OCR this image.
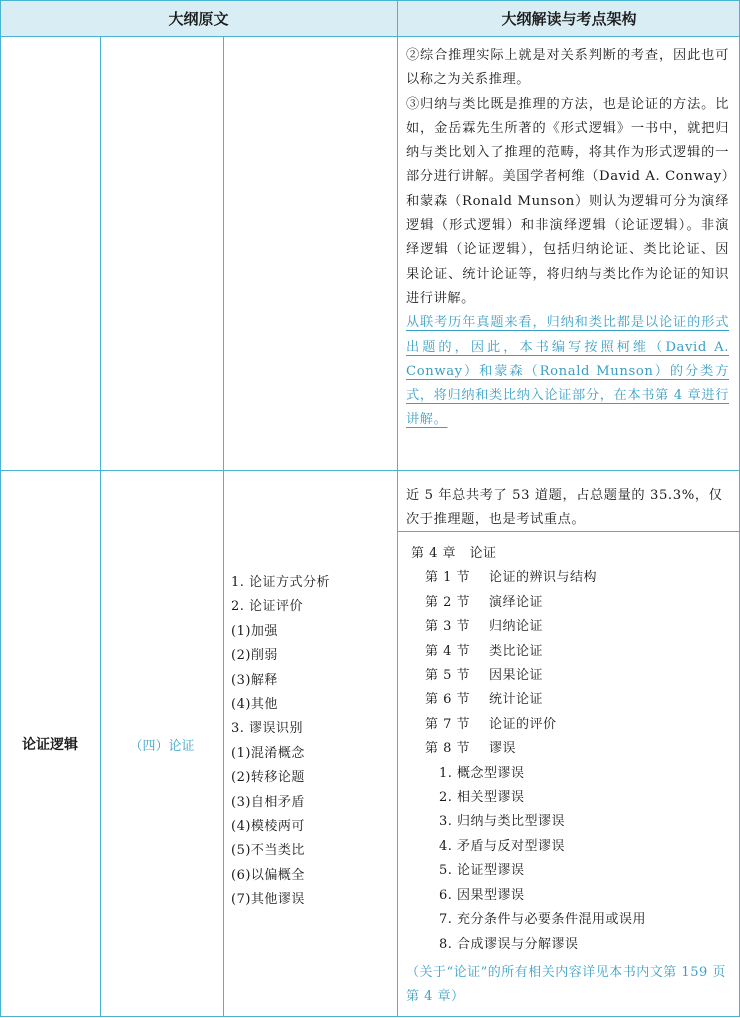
大纲原文	大纲解读与考点架构

②综合推理实际上就是对关系判断的考查，因此也可以称之为关系推理。

③归纳与类比既是推理的方法，也是论证的方法。比如，金岳霖先生所著的《形式逻辑》一书中，就把归纳与类比划入了推理的范畴，将其作为形式逻辑的一部分进行讲解。美国学者柯维（David A. Conway）和蒙森（Ronald Munson）则认为逻辑可分为演绎逻辑（形式逻辑）和非演绎逻辑（论证逻辑）。非演绎逻辑（论证逻辑），包括归纳论证、类比论证、因果论证、统计论证等，将归纳与类比作为论证的知识进行讲解。

从联考历年真题来看，归纳和类比都是以论证的形式出题的，因此，本书编写按照柯维（David A. Conway）和蒙森（Ronald Munson）的分类方式，将归纳和类比纳入论证部分，在本书第 4 章进行讲解。

论证逻辑	（四）论证
1. 论证方式分析
2. 论证评价
(1)加强
(2)削弱
(3)解释
(4)其他
3. 谬误识别
(1)混淆概念
(2)转移论题
(3)自相矛盾
(4)模棱两可
(5)不当类比
(6)以偏概全
(7)其他谬误
近 5 年总共考了 53 道题，占总题量的 35.3%，仅次于推理题，也是考试重点。
第 4 章　论证
第 1 节 论证的辨识与结构
第 2 节 演绎论证
第 3 节 归纳论证
第 4 节 类比论证
第 5 节 因果论证
第 6 节 统计论证
第 7 节 论证的评价
第 8 节 谬误
1. 概念型谬误
2. 相关型谬误
3. 归纳与类比型谬误
4. 矛盾与反对型谬误
5. 论证型谬误
6. 因果型谬误
7. 充分条件与必要条件混用或误用
8. 合成谬误与分解谬误
（关于“论证”的所有相关内容详见本书内文第 159 页第 4 章）
